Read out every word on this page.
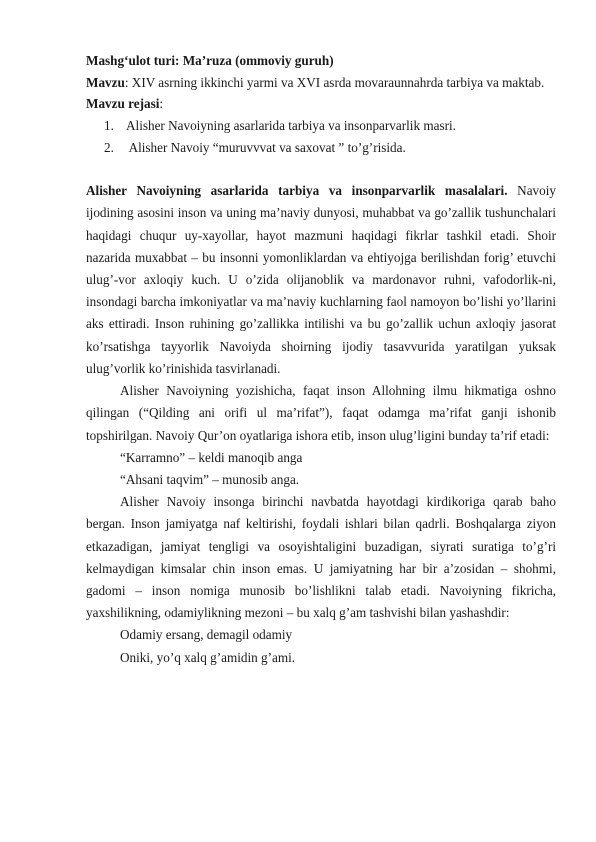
Mashg‘ulot turi: Ma’ruza (ommoviy guruh)
Mavzu: XIV asrning ikkinchi yarmi va XVI asrda movaraunnahrda tarbiya va maktab.
Mavzu rejasi:
1. Alisher Navoiyning asarlarida tarbiya va insonparvarlik masri.
2. Alisher Navoiy “muruvvvat va saxovat ” to’g’risida.
Alisher Navoiyning asarlarida tarbiya va insonparvarlik masalalari. Navoiy
ijodining asosini inson va uning ma’naviy dunyosi, muhabbat va go’zallik tushunchalari
haqidagi chuqur uy-xayollar, hayot mazmuni haqidagi fikrlar tashkil etadi. Shoir
nazarida muxabbat – bu insonni yomonliklardan va ehtiyojga berilishdan forig’ etuvchi
ulug’-vor axloqiy kuch. U o’zida olijanoblik va mardonavor ruhni, vafodorlik-ni,
insondagi barcha imkoniyatlar va ma’naviy kuchlarning faol namoyon bo’lishi yo’llarini
aks ettiradi. Inson ruhining go’zallikka intilishi va bu go’zallik uchun axloqiy jasorat
ko’rsatishga tayyorlik Navoiyda shoirning ijodiy tasavvurida yaratilgan yuksak
ulug’vorlik ko’rinishida tasvirlanadi.
Alisher Navoiyning yozishicha, faqat inson Allohning ilmu hikmatiga oshno
qilingan (“Qilding ani orifi ul ma’rifat”), faqat odamga ma’rifat ganji ishonib
topshirilgan. Navoiy Qur’on oyatlariga ishora etib, inson ulug’ligini bunday ta’rif etadi:
“Karramno” – keldi manoqib anga
“Ahsani taqvim” – munosib anga.
Alisher Navoiy insonga birinchi navbatda hayotdagi kirdikoriga qarab baho
bergan. Inson jamiyatga naf keltirishi, foydali ishlari bilan qadrli. Boshqalarga ziyon
etkazadigan, jamiyat tengligi va osoyishtaligini buzadigan, siyrati suratiga to’g’ri
kelmaydigan kimsalar chin inson emas. U jamiyatning har bir a’zosidan – shohmi,
gadomi – inson nomiga munosib bo’lishlikni talab etadi. Navoiyning fikricha,
yaxshilikning, odamiylikning mezoni – bu xalq g’am tashvishi bilan yashashdir:
Odamiy ersang, demagil odamiy
Oniki, yo’q xalq g’amidin g’ami.
